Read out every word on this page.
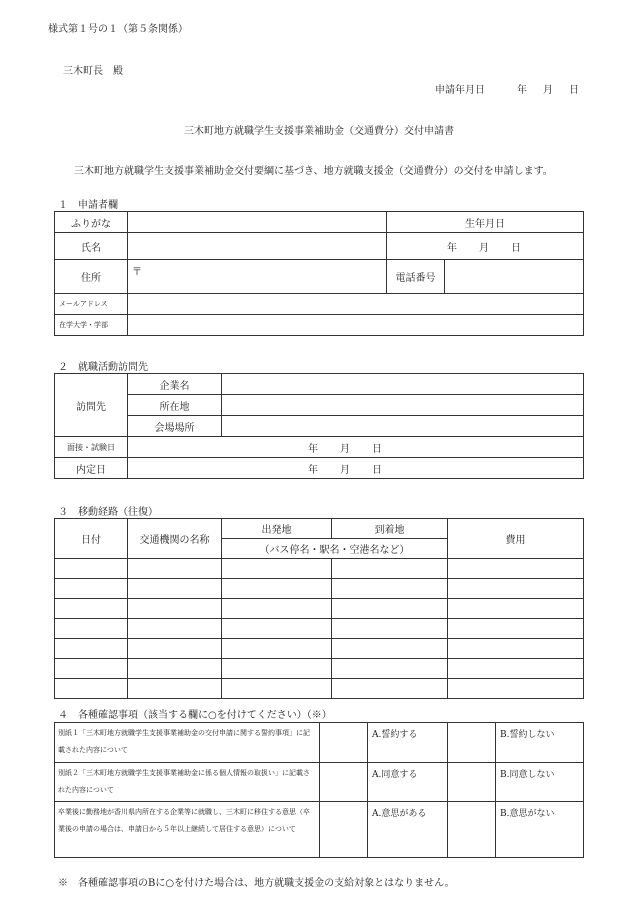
様式第１号の１（第５条関係）
三木町長　殿
申請年月日	年 月 日
三木町地方就職学生支援事業補助金（交通費分）交付申請書
三木町地方就職学生支援事業補助金交付要綱に基づき、地方就職支援金（交通費分）の交付を申請します。
１　申請者欄
ふりがな		生年月日	
氏名		年 月 日	
住所	〒	電話番号	
メールアドレス			
在学大学・学部			
２　就職活動訪問先
訪問先	企業名	
	所在地	
	会場場所	
面接・試験日	年 月 日	
内定日	年 月 日	
３　移動経路（往復）
日付	交通機関の名称	出発地	到着地	費用
		（バス停名・駅名・空港名など）		

４　各種確認事項（該当する欄に○を付けてください）（※）
別紙１「三木町地方就職学生支援事業補助金の交付申請に関する誓約事項」に記載された内容について		A.誓約する		B.誓約しない
別紙２「三木町地方就職学生支援事業補助金に係る個人情報の取扱い」に記載された内容について		A.同意する		B.同意しない
卒業後に勤務地が香川県内所在する企業等に就職し、三木町に移住する意思（卒業後の申請の場合は、申請日から５年以上継続して居住する意思）について		A.意思がある		B.意思がない
※　各種確認事項のBに○を付けた場合は、地方就職支援金の支給対象とはなりません。
